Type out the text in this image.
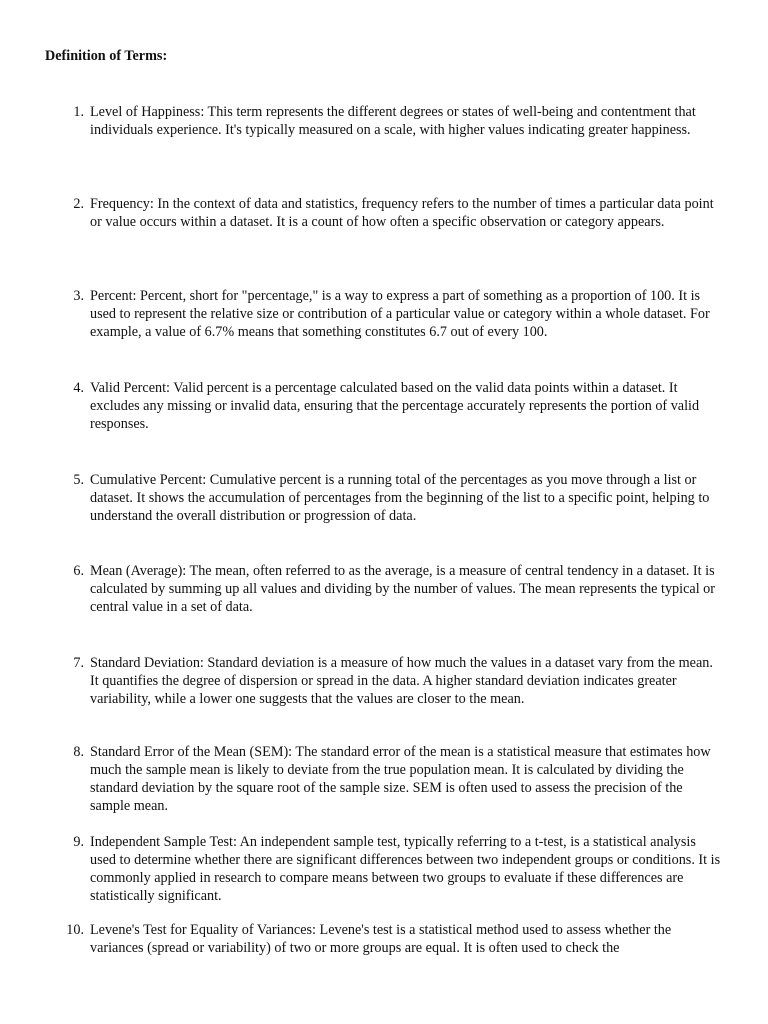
Definition of Terms:

1. Level of Happiness: This term represents the different degrees or states of well-being and contentment that individuals experience. It's typically measured on a scale, with higher values indicating greater happiness.
2. Frequency: In the context of data and statistics, frequency refers to the number of times a particular data point or value occurs within a dataset. It is a count of how often a specific observation or category appears.
3. Percent: Percent, short for "percentage," is a way to express a part of something as a proportion of 100. It is used to represent the relative size or contribution of a particular value or category within a whole dataset. For example, a value of 6.7% means that something constitutes 6.7 out of every 100.
4. Valid Percent: Valid percent is a percentage calculated based on the valid data points within a dataset. It excludes any missing or invalid data, ensuring that the percentage accurately represents the portion of valid responses.
5. Cumulative Percent: Cumulative percent is a running total of the percentages as you move through a list or dataset. It shows the accumulation of percentages from the beginning of the list to a specific point, helping to understand the overall distribution or progression of data.
6. Mean (Average): The mean, often referred to as the average, is a measure of central tendency in a dataset. It is calculated by summing up all values and dividing by the number of values. The mean represents the typical or central value in a set of data.
7. Standard Deviation: Standard deviation is a measure of how much the values in a dataset vary from the mean. It quantifies the degree of dispersion or spread in the data. A higher standard deviation indicates greater variability, while a lower one suggests that the values are closer to the mean.
8. Standard Error of the Mean (SEM): The standard error of the mean is a statistical measure that estimates how much the sample mean is likely to deviate from the true population mean. It is calculated by dividing the standard deviation by the square root of the sample size. SEM is often used to assess the precision of the sample mean.
9. Independent Sample Test: An independent sample test, typically referring to a t-test, is a statistical analysis used to determine whether there are significant differences between two independent groups or conditions. It is commonly applied in research to compare means between two groups to evaluate if these differences are statistically significant.
10. Levene's Test for Equality of Variances: Levene's test is a statistical method used to assess whether the variances (spread or variability) of two or more groups are equal. It is often used to check the
